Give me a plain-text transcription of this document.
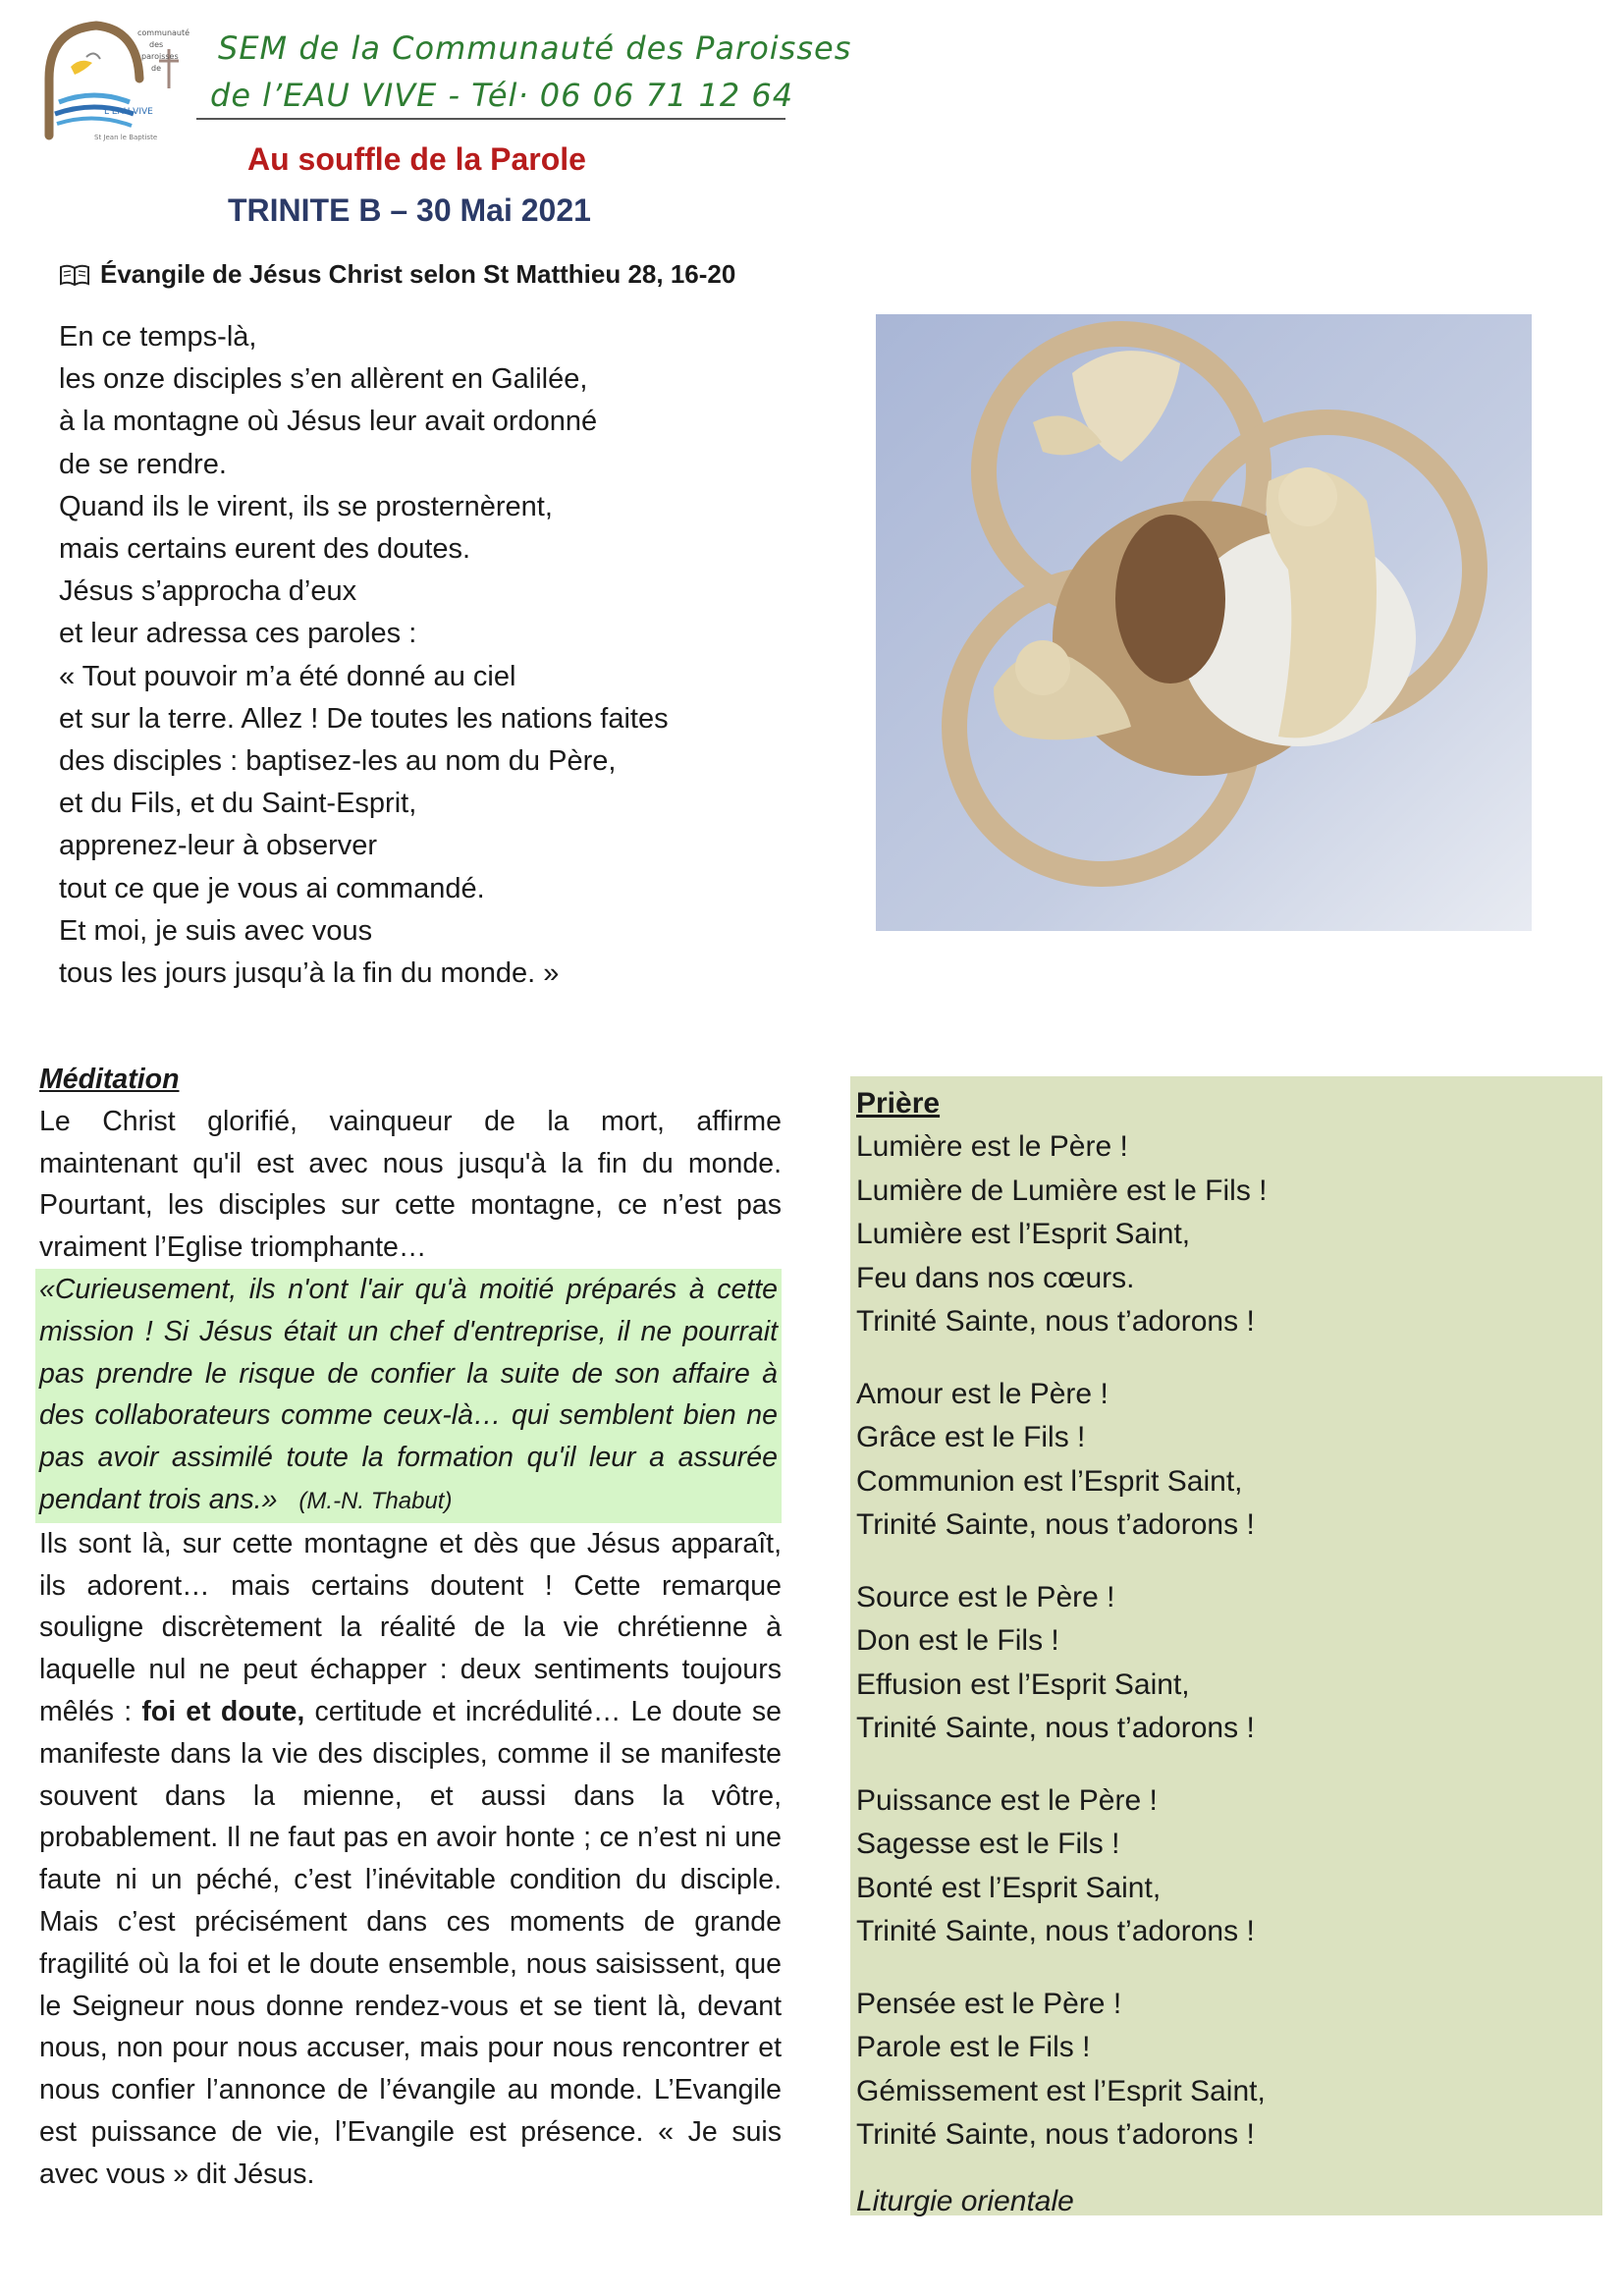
communauté
des
paroisses
de
L’EAU VIVE
St Jean le Baptiste
SEM de la Communauté des Paroisses
de l’EAU VIVE - Tél· 06 06 71 12 64
Au souffle de la Parole
TRINITE B – 30 Mai 2021
Évangile de Jésus Christ selon St Matthieu 28, 16-20
En ce temps-là,
les onze disciples s’en allèrent en Galilée,
à la montagne où Jésus leur avait ordonné
de se rendre.
Quand ils le virent, ils se prosternèrent,
mais certains eurent des doutes.
Jésus s’approcha d’eux
et leur adressa ces paroles :
« Tout pouvoir m’a été donné au ciel
et sur la terre. Allez ! De toutes les nations faites
des disciples : baptisez-les au nom du Père,
et du Fils, et du Saint-Esprit,
apprenez-leur à observer
tout ce que je vous ai commandé.
Et moi, je suis avec vous
tous les jours jusqu’à la fin du monde. »
Méditation
Le Christ glorifié, vainqueur de la mort, affirme
maintenant qu'il est avec nous jusqu'à la fin du monde.
Pourtant, les disciples sur cette montagne, ce n’est pas
vraiment l’Eglise triomphante…
«Curieusement, ils n'ont l'air qu'à moitié préparés à cette mission ! Si Jésus était un chef d'entreprise, il ne pourrait pas prendre le risque de confier la suite de son affaire à des collaborateurs comme ceux-là… qui semblent bien ne pas avoir assimilé toute la formation qu'il leur a assurée pendant trois ans.» (M.-N. Thabut)
Ils sont là, sur cette montagne et dès que Jésus apparaît, ils adorent… mais certains doutent ! Cette remarque souligne discrètement la réalité de la vie chrétienne à laquelle nul ne peut échapper : deux sentiments toujours mêlés : foi et doute, certitude et incrédulité… Le doute se manifeste dans la vie des disciples, comme il se manifeste souvent dans la mienne, et aussi dans la vôtre, probablement. Il ne faut pas en avoir honte ; ce n’est ni une faute ni un péché, c’est l’inévitable condition du disciple. Mais c’est précisément dans ces moments de grande fragilité où la foi et le doute ensemble, nous saisissent, que le Seigneur nous donne rendez-vous et se tient là, devant nous, non pour nous accuser, mais pour nous rencontrer et nous confier l’annonce de l’évangile au monde. L’Evangile est puissance de vie, l’Evangile est présence. « Je suis avec vous » dit Jésus.
Prière
Lumière est le Père !
Lumière de Lumière est le Fils !
Lumière est l’Esprit Saint,
Feu dans nos cœurs.
Trinité Sainte, nous t’adorons !
Amour est le Père !
Grâce est le Fils !
Communion est l’Esprit Saint,
Trinité Sainte, nous t’adorons !
Source est le Père !
Don est le Fils !
Effusion est l’Esprit Saint,
Trinité Sainte, nous t’adorons !
Puissance est le Père !
Sagesse est le Fils !
Bonté est l’Esprit Saint,
Trinité Sainte, nous t’adorons !
Pensée est le Père !
Parole est le Fils !
Gémissement est l’Esprit Saint,
Trinité Sainte, nous t’adorons !
Liturgie orientale
